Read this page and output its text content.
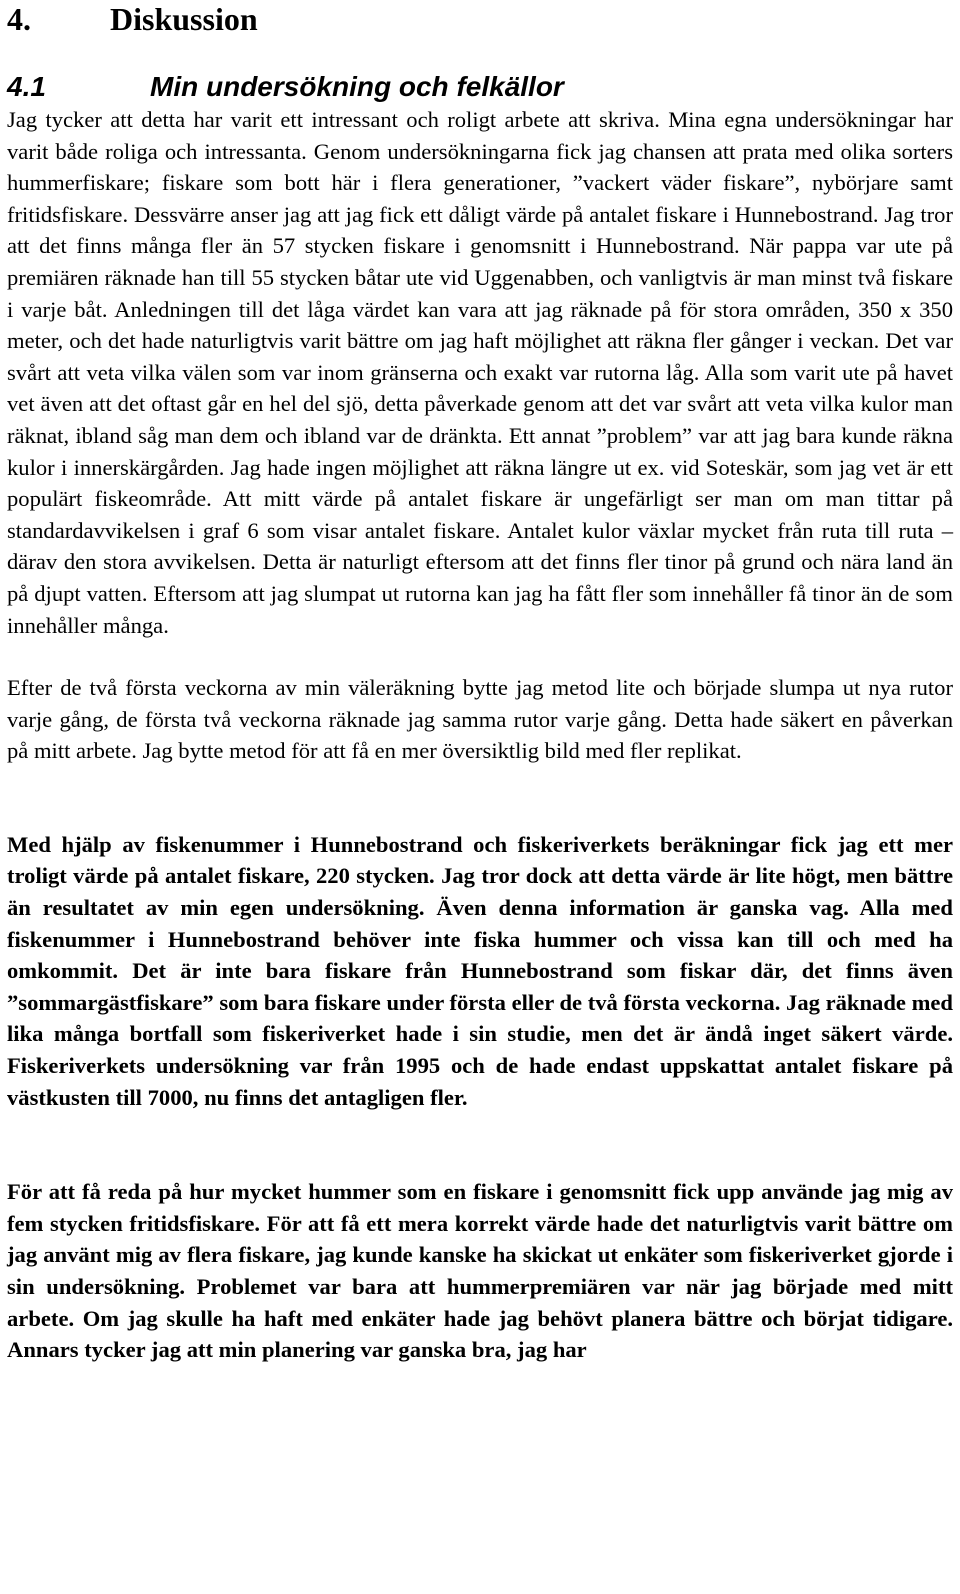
4. Diskussion
4.1	Min undersökning och felkällor

Jag tycker att detta har varit ett intressant och roligt arbete att skriva. Mina egna undersökningar har varit både roliga och intressanta. Genom undersökningarna fick jag chansen att prata med olika sorters hummerfiskare; fiskare som bott här i flera generationer, ”vackert väder fiskare”, nybörjare samt fritidsfiskare. Dessvärre anser jag att jag fick ett dåligt värde på antalet fiskare i Hunnebostrand. Jag tror att det finns många fler än 57 stycken fiskare i genomsnitt i Hunnebostrand. När pappa var ute på premiären räknade han till 55 stycken båtar ute vid Uggenabben, och vanligtvis är man minst två fiskare i varje båt. Anledningen till det låga värdet kan vara att jag räknade på för stora områden, 350 x 350 meter, och det hade naturligtvis varit bättre om jag haft möjlighet att räkna fler gånger i veckan. Det var svårt att veta vilka välen som var inom gränserna och exakt var rutorna låg. Alla som varit ute på havet vet även att det oftast går en hel del sjö, detta påverkade genom att det var svårt att veta vilka kulor man räknat, ibland såg man dem och ibland var de dränkta. Ett annat ”problem” var att jag bara kunde räkna kulor i innerskärgården. Jag hade ingen möjlighet att räkna längre ut ex. vid Soteskär, som jag vet är ett populärt fiskeområde. Att mitt värde på antalet fiskare är ungefärligt ser man om man tittar på standardavvikelsen i graf 6 som visar antalet fiskare. Antalet kulor växlar mycket från ruta till ruta – därav den stora avvikelsen. Detta är naturligt eftersom att det finns fler tinor på grund och nära land än på djupt vatten. Eftersom att jag slumpat ut rutorna kan jag ha fått fler som innehåller få tinor än de som innehåller många.

Efter de två första veckorna av min väleräkning bytte jag metod lite och började slumpa ut nya rutor varje gång, de första två veckorna räknade jag samma rutor varje gång. Detta hade säkert en påverkan på mitt arbete. Jag bytte metod för att få en mer översiktlig bild med fler replikat.

Med hjälp av fiskenummer i Hunnebostrand och fiskeriverkets beräkningar fick jag ett mer troligt värde på antalet fiskare, 220 stycken. Jag tror dock att detta värde är lite högt, men bättre än resultatet av min egen undersökning. Även denna information är ganska vag. Alla med fiskenummer i Hunnebostrand behöver inte fiska hummer och vissa kan till och med ha omkommit. Det är inte bara fiskare från Hunnebostrand som fiskar där, det finns även ”sommargästfiskare” som bara fiskare under första eller de två första veckorna. Jag räknade med lika många bortfall som fiskeriverket hade i sin studie, men det är ändå inget säkert värde. Fiskeriverkets undersökning var från 1995 och de hade endast uppskattat antalet fiskare på västkusten till 7000, nu finns det antagligen fler.

För att få reda på hur mycket hummer som en fiskare i genomsnitt fick upp använde jag mig av fem stycken fritidsfiskare. För att få ett mera korrekt värde hade det naturligtvis varit bättre om jag använt mig av flera fiskare, jag kunde kanske ha skickat ut enkäter som fiskeriverket gjorde i sin undersökning. Problemet var bara att hummerpremiären var när jag började med mitt arbete. Om jag skulle ha haft med enkäter hade jag behövt planera bättre och börjat tidigare. Annars tycker jag att min planering var ganska bra, jag har
